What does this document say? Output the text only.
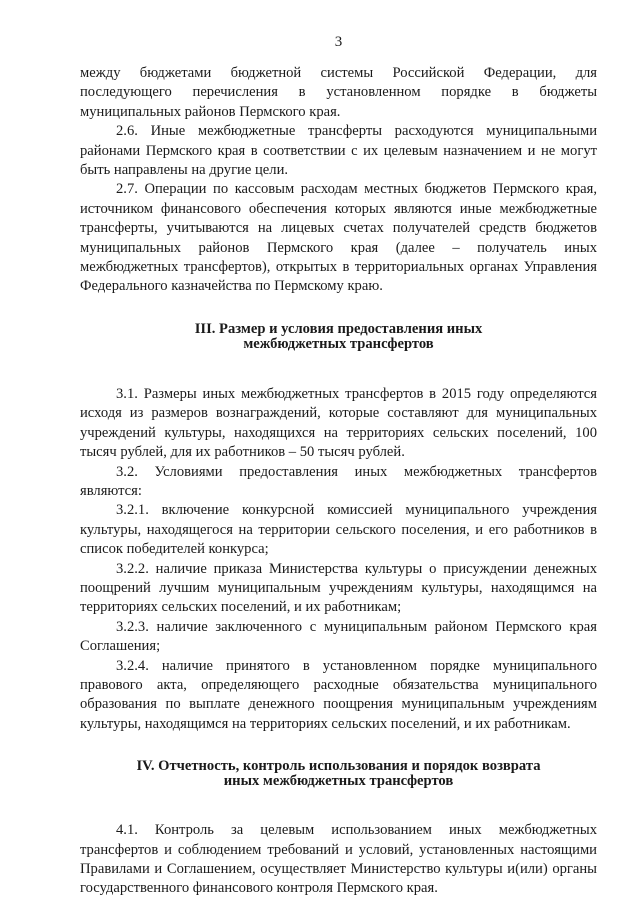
3

между бюджетами бюджетной системы Российской Федерации, для последующего перечисления в установленном порядке в бюджеты муниципальных районов Пермского края.

2.6. Иные межбюджетные трансферты расходуются муниципальными районами Пермского края в соответствии с их целевым назначением и не могут быть направлены на другие цели.

2.7. Операции по кассовым расходам местных бюджетов Пермского края, источником финансового обеспечения которых являются иные межбюджетные трансферты, учитываются на лицевых счетах получателей средств бюджетов муниципальных районов Пермского края (далее – получатель иных межбюджетных трансфертов), открытых в территориальных органах Управления Федерального казначейства по Пермскому краю.

III. Размер и условия предоставления иных
межбюджетных трансфертов

3.1. Размеры иных межбюджетных трансфертов в 2015 году определяются исходя из размеров вознаграждений, которые составляют для муниципальных учреждений культуры, находящихся на территориях сельских поселений, 100 тысяч рублей, для их работников – 50 тысяч рублей.

3.2. Условиями предоставления иных межбюджетных трансфертов являются:

3.2.1. включение конкурсной комиссией муниципального учреждения культуры, находящегося на территории сельского поселения, и его работников в список победителей конкурса;

3.2.2. наличие приказа Министерства культуры о присуждении денежных поощрений лучшим муниципальным учреждениям культуры, находящимся на территориях сельских поселений, и их работникам;

3.2.3. наличие заключенного с муниципальным районом Пермского края Соглашения;

3.2.4. наличие принятого в установленном порядке муниципального правового акта, определяющего расходные обязательства муниципального образования по выплате денежного поощрения муниципальным учреждениям культуры, находящимся на территориях сельских поселений, и их работникам.

IV. Отчетность, контроль использования и порядок возврата
иных межбюджетных трансфертов

4.1. Контроль за целевым использованием иных межбюджетных трансфертов и соблюдением требований и условий, установленных настоящими Правилами и Соглашением, осуществляет Министерство культуры и(или) органы государственного финансового контроля Пермского края.
